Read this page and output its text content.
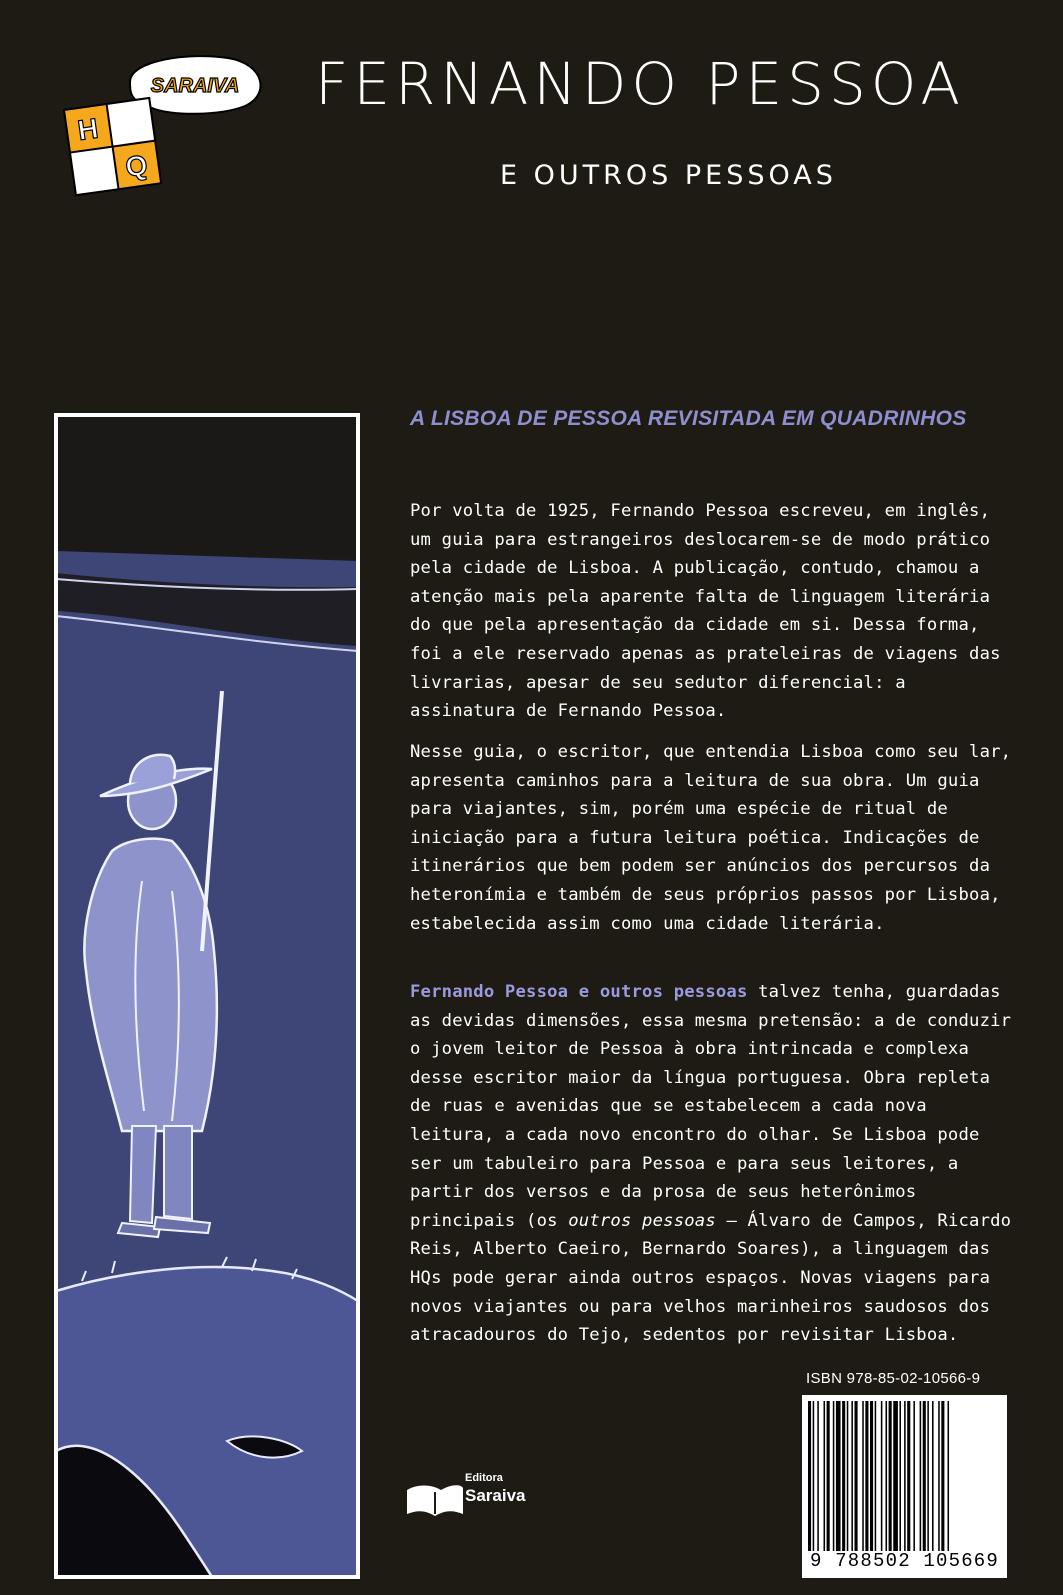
SARAIVA
H
Q
FERNANDO PESSOA
E OUTROS PESSOAS
A LISBOA DE PESSOA REVISITADA EM QUADRINHOS

Por volta de 1925, Fernando Pessoa escreveu, em inglês, um guia para estrangeiros deslocarem-se de modo prático pela cidade de Lisboa. A publicação, contudo, chamou a atenção mais pela aparente falta de linguagem literária do que pela apresentação da cidade em si. Dessa forma, foi a ele reservado apenas as prateleiras de viagens das livrarias, apesar de seu sedutor diferencial: a assinatura de Fernando Pessoa.

Nesse guia, o escritor, que entendia Lisboa como seu lar, apresenta caminhos para a leitura de sua obra. Um guia para viajantes, sim, porém uma espécie de ritual de iniciação para a futura leitura poética. Indicações de itinerários que bem podem ser anúncios dos percursos da heteronímia e também de seus próprios passos por Lisboa, estabelecida assim como uma cidade literária.

Fernando Pessoa e outros pessoas talvez tenha, guardadas as devidas dimensões, essa mesma pretensão: a de conduzir o jovem leitor de Pessoa à obra intrincada e complexa desse escritor maior da língua portuguesa. Obra repleta de ruas e avenidas que se estabelecem a cada nova leitura, a cada novo encontro do olhar. Se Lisboa pode ser um tabuleiro para Pessoa e para seus leitores, a partir dos versos e da prosa de seus heterônimos principais (os outros pessoas – Álvaro de Campos, Ricardo Reis, Alberto Caeiro, Bernardo Soares), a linguagem das HQs pode gerar ainda outros espaços. Novas viagens para novos viajantes ou para velhos marinheiros saudosos dos atracadouros do Tejo, sedentos por revisitar Lisboa.

ISBN 978-85-02-10566-9
9 788502 105669
Editora
Saraiva
